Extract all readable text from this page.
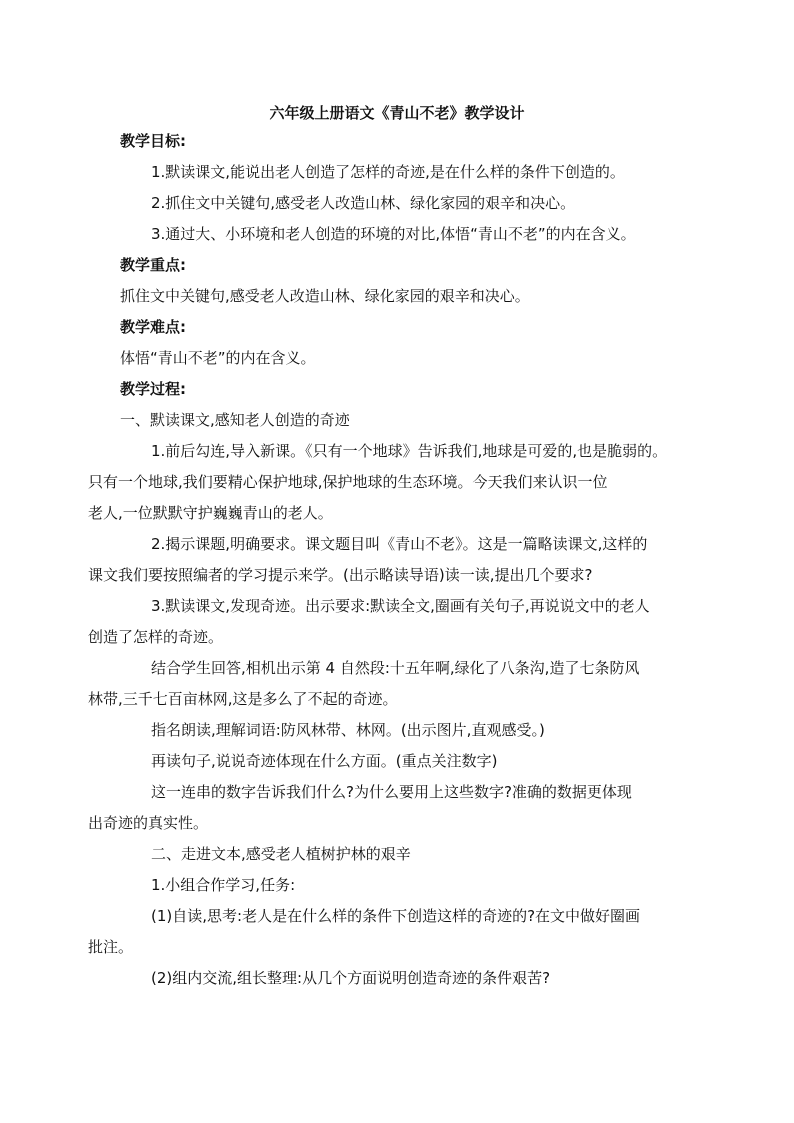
六年级上册语文《青山不老》教学设计
教学目标:
1.默读课文,能说出老人创造了怎样的奇迹,是在什么样的条件下创造的。
2.抓住文中关键句,感受老人改造山林、绿化家园的艰辛和决心。
3.通过大、小环境和老人创造的环境的对比,体悟“青山不老”的内在含义。
教学重点:
抓住文中关键句,感受老人改造山林、绿化家园的艰辛和决心。
教学难点:
体悟“青山不老”的内在含义。
教学过程:
一、默读课文,感知老人创造的奇迹
1.前后勾连,导入新课。《只有一个地球》告诉我们,地球是可爱的,也是脆弱的。
只有一个地球,我们要精心保护地球,保护地球的生态环境。今天我们来认识一位
老人,一位默默守护巍巍青山的老人。
2.揭示课题,明确要求。课文题目叫《青山不老》。这是一篇略读课文,这样的
课文我们要按照编者的学习提示来学。(出示略读导语)读一读,提出几个要求?
3.默读课文,发现奇迹。出示要求:默读全文,圈画有关句子,再说说文中的老人
创造了怎样的奇迹。
结合学生回答,相机出示第 4 自然段:十五年啊,绿化了八条沟,造了七条防风
林带,三千七百亩林网,这是多么了不起的奇迹。
指名朗读,理解词语:防风林带、林网。(出示图片,直观感受。)
再读句子,说说奇迹体现在什么方面。(重点关注数字)
这一连串的数字告诉我们什么?为什么要用上这些数字?准确的数据更体现
出奇迹的真实性。
二、走进文本,感受老人植树护林的艰辛
1.小组合作学习,任务:
(1)自读,思考:老人是在什么样的条件下创造这样的奇迹的?在文中做好圈画
批注。
(2)组内交流,组长整理:从几个方面说明创造奇迹的条件艰苦?
